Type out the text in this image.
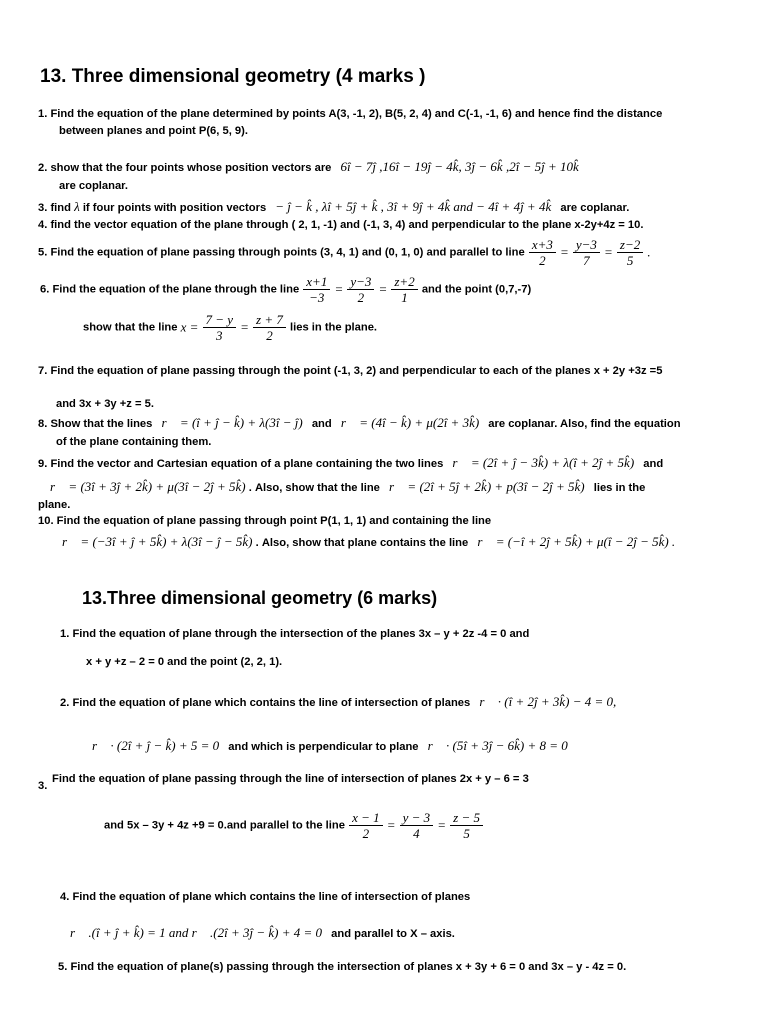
13. Three dimensional geometry (4 marks )
1. Find the equation of the plane determined by points A(3, -1, 2), B(5, 2, 4) and C(-1, -1, 6) and hence find the distance
between planes and point P(6, 5, 9).
2. show that the four points whose position vectors are 6î − 7ĵ ,16î − 19ĵ − 4k̂, 3ĵ − 6k̂ ,2î − 5ĵ + 10k̂
are coplanar.
3. find λ if four points with position vectors − ĵ − k̂ , λî + 5ĵ + k̂ , 3î + 9ĵ + 4k̂ and − 4î + 4ĵ + 4k̂ are coplanar.
4. find the vector equation of the plane through ( 2, 1, -1) and (-1, 3, 4) and perpendicular to the plane x-2y+4z = 10.
5. Find the equation of plane passing through points (3, 4, 1) and (0, 1, 0) and parallel to line $\frac{x+3}{2} = \frac{y-3}{7} = \frac{z-2}{5}$ .
6. Find the equation of the plane through the line $\frac{x+1}{-3} = \frac{y-3}{2} = \frac{z+2}{1}$ and the point (0,7,-7)
show that the line $x = \frac{7 - y}{3} = \frac{z + 7}{2}$ lies in the plane.
7. Find the equation of plane passing through the point (-1, 3, 2) and perpendicular to each of the planes x + 2y +3z =5
and 3x + 3y +z = 5.
8. Show that the lines r⃗ = (î + ĵ − k̂) + λ(3î − ĵ) and r⃗ = (4î − k̂) + μ(2î + 3k̂) are coplanar. Also, find the equation
of the plane containing them.
9. Find the vector and Cartesian equation of a plane containing the two lines r⃗ = (2î + ĵ − 3k̂) + λ(î + 2ĵ + 5k̂) and
r⃗ = (3î + 3ĵ + 2k̂) + μ(3î − 2ĵ + 5k̂) . Also, show that the line r⃗ = (2î + 5ĵ + 2k̂) + p(3î − 2ĵ + 5k̂) lies in the
plane.
10. Find the equation of plane passing through point P(1, 1, 1) and containing the line
r⃗ = (−3î + ĵ + 5k̂) + λ(3î − ĵ − 5k̂) . Also, show that plane contains the line r⃗ = (−î + 2ĵ + 5k̂) + μ(î − 2ĵ − 5k̂) .
13.Three dimensional geometry (6 marks)
1. Find the equation of plane through the intersection of the planes 3x – y + 2z -4 = 0 and
x + y +z – 2 = 0 and the point (2, 2, 1).
2. Find the equation of plane which contains the line of intersection of planes r⃗ · (î + 2ĵ + 3k̂) − 4 = 0,
r⃗ · (2î + ĵ − k̂) + 5 = 0 and which is perpendicular to plane r⃗ · (5î + 3ĵ − 6k̂) + 8 = 0
3.
Find the equation of plane passing through the line of intersection of planes 2x + y – 6 = 3
and 5x – 3y + 4z +9 = 0.and parallel to the line $\frac{x - 1}{2} = \frac{y - 3}{4} = \frac{z - 5}{5}$
4. Find the equation of plane which contains the line of intersection of planes
r⃗ .(î + ĵ + k̂) = 1 and r⃗ .(2î + 3ĵ − k̂) + 4 = 0 and parallel to X – axis.
5. Find the equation of plane(s) passing through the intersection of planes x + 3y + 6 = 0 and 3x – y - 4z = 0.
